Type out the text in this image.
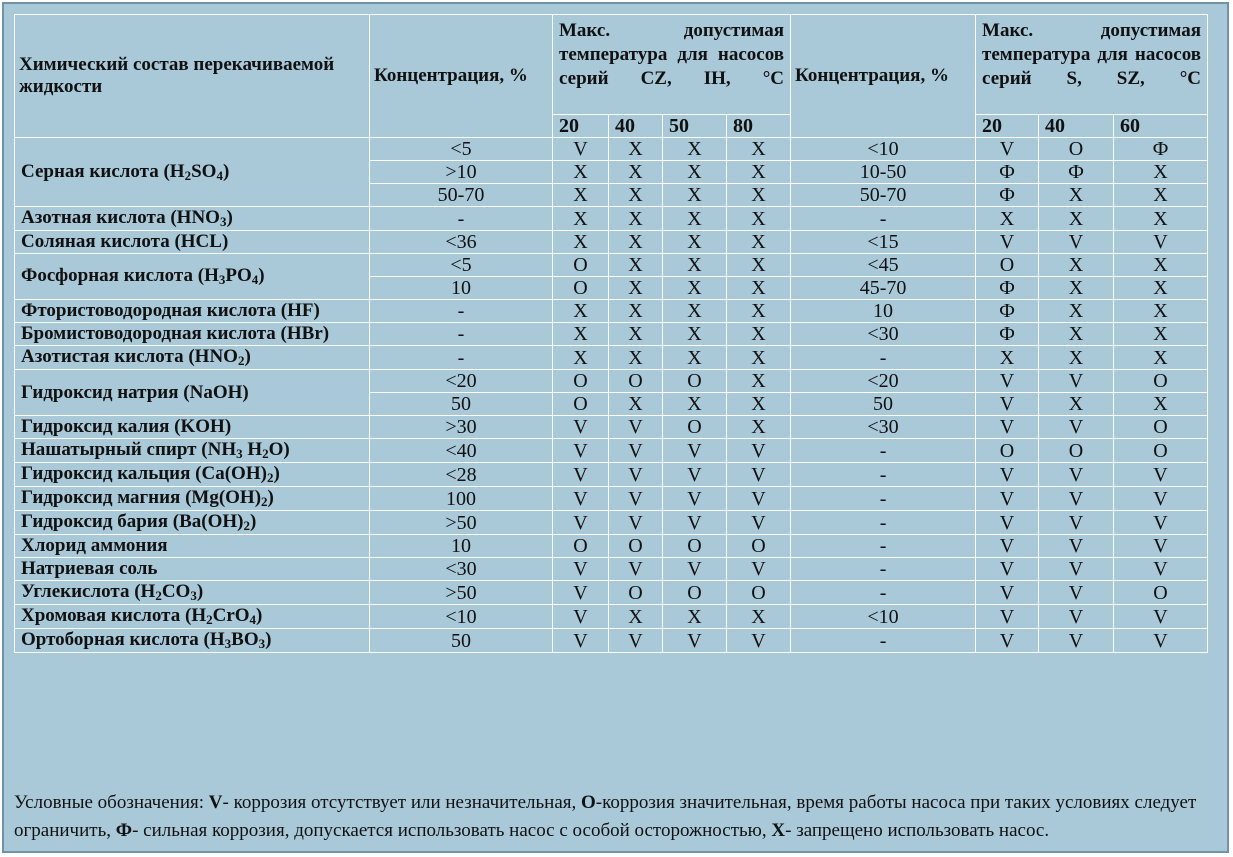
Химический состав перекачиваемой жидкости	Концентрация, %	Макс. допустимая температура для насосов серий CZ, IH, °C				Концентрация, %	Макс. допустимая температура для насосов серий S, SZ, °C		
		20	40	50	80		20	40	60
Серная кислота $(H_2SO_4)$	<5	V	X	X	X	<10	V	O	Ф
	>10	X	X	X	X	10-50	Ф	Ф	X
	50-70	X	X	X	X	50-70	Ф	X	X
Азотная кислота $(HNO_3)$	-	X	X	X	X	-	X	X	X
Соляная кислота (HCL)	<36	X	X	X	X	<15	V	V	V
Фосфорная кислота $(H_3PO_4)$	<5	O	X	X	X	<45	O	X	X
	10	O	X	X	X	45-70	Ф	X	X
Фтористоводородная кислота (HF)	-	X	X	X	X	10	Ф	X	X
Бромистоводородная кислота (HBr)	-	X	X	X	X	<30	Ф	X	X
Азотистая кислота $(HNO_2)$	-	X	X	X	X	-	X	X	X
Гидроксид натрия (NaOH)	<20	O	O	O	X	<20	V	V	O
	50	O	X	X	X	50	V	X	X
Гидроксид калия (KOH)	>30	V	V	O	X	<30	V	V	O
Нашатырный спирт ($NH_3$ $H_2O$)	<40	V	V	V	V	-	O	O	O
Гидроксид кальция $(Ca(OH)_2)$	<28	V	V	V	V	-	V	V	V
Гидроксид магния $(Mg(OH)_2)$	100	V	V	V	V	-	V	V	V
Гидроксид бария $(Ba(OH)_2)$	>50	V	V	V	V	-	V	V	V
Хлорид аммония	10	O	O	O	O	-	V	V	V
Натриевая соль	<30	V	V	V	V	-	V	V	V
Углекислота $(H_2CO_3)$	>50	V	O	O	O	-	V	V	O
Хромовая кислота $(H_2CrO_4)$	<10	V	X	X	X	<10	V	V	V
Ортоборная кислота $(H_3BO_3)$	50	V	V	V	V	-	V	V	V
Условные обозначения: V- коррозия отсутствует или незначительная, O-коррозия значительная, время работы насоса при таких условиях следует ограничить, Ф- сильная коррозия, допускается использовать насос с особой осторожностью, X- запрещено использовать насос.
